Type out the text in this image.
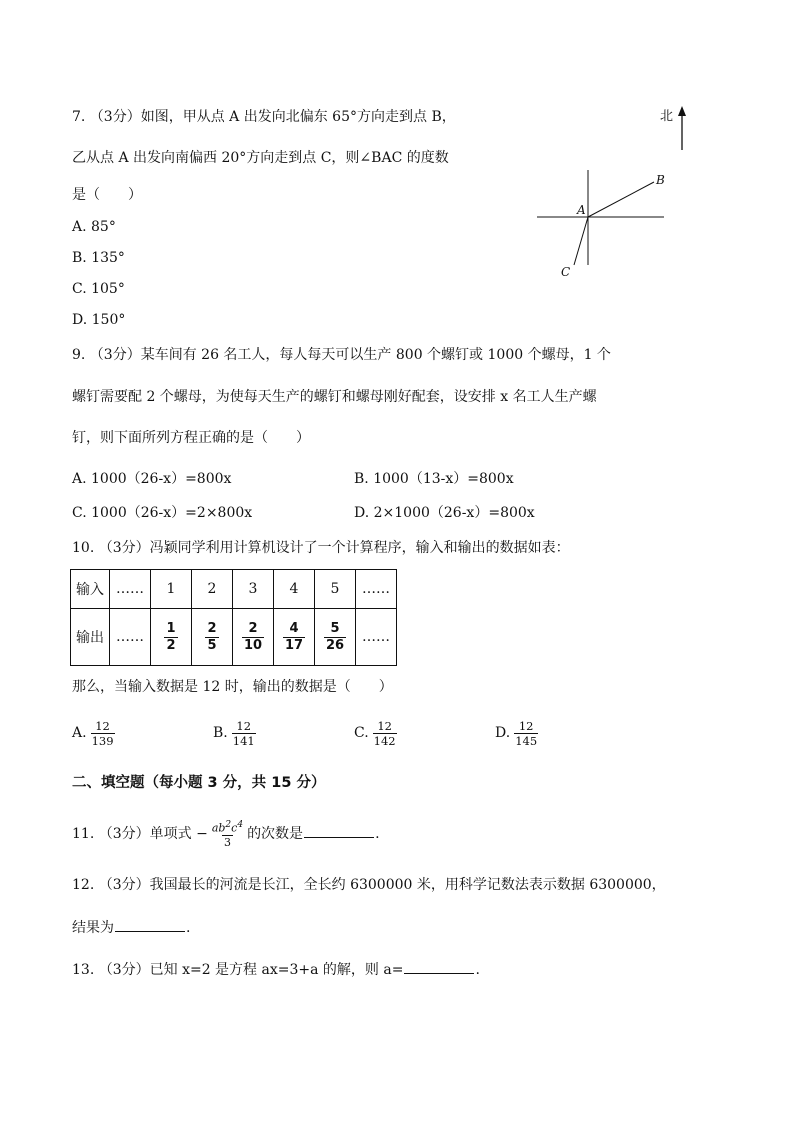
7. （3分）如图，甲从点 A 出发向北偏东 65°方向走到点 B，
乙从点 A 出发向南偏西 20°方向走到点 C，则∠BAC 的度数
是（　　）
A. 85°
B. 135°
C. 105°
D. 150°
北
A
B
C
9. （3分）某车间有 26 名工人，每人每天可以生产 800 个螺钉或 1000 个螺母，1 个
螺钉需要配 2 个螺母，为使每天生产的螺钉和螺母刚好配套，设安排 x 名工人生产螺
钉，则下面所列方程正确的是（　　）
A. 1000（26-x）=800x	B. 1000（13-x）=800x
C. 1000（26-x）=2×800x	D. 2×1000（26-x）=800x
10. （3分）冯颖同学利用计算机设计了一个计算程序，输入和输出的数据如表：
输入	……	1	2	3	4	5	……
输出	……	$\frac{1}{2}$	$\frac{2}{5}$	$\frac{2}{10}$	$\frac{4}{17}$	$\frac{5}{26}$	……
那么，当输入数据是 12 时，输出的数据是（　　）
A. $\frac{12}{139}$	B. $\frac{12}{141}$	C. $\frac{12}{142}$	D. $\frac{12}{145}$
二、填空题（每小题 3 分，共 15 分）
11. （3分）单项式 − $\frac{ab^2c^4}{3}$ 的次数是	.
12. （3分）我国最长的河流是长江，全长约 6300000 米，用科学记数法表示数据 6300000，
结果为	.
13. （3分）已知 x=2 是方程 ax=3+a 的解，则 a=	.
